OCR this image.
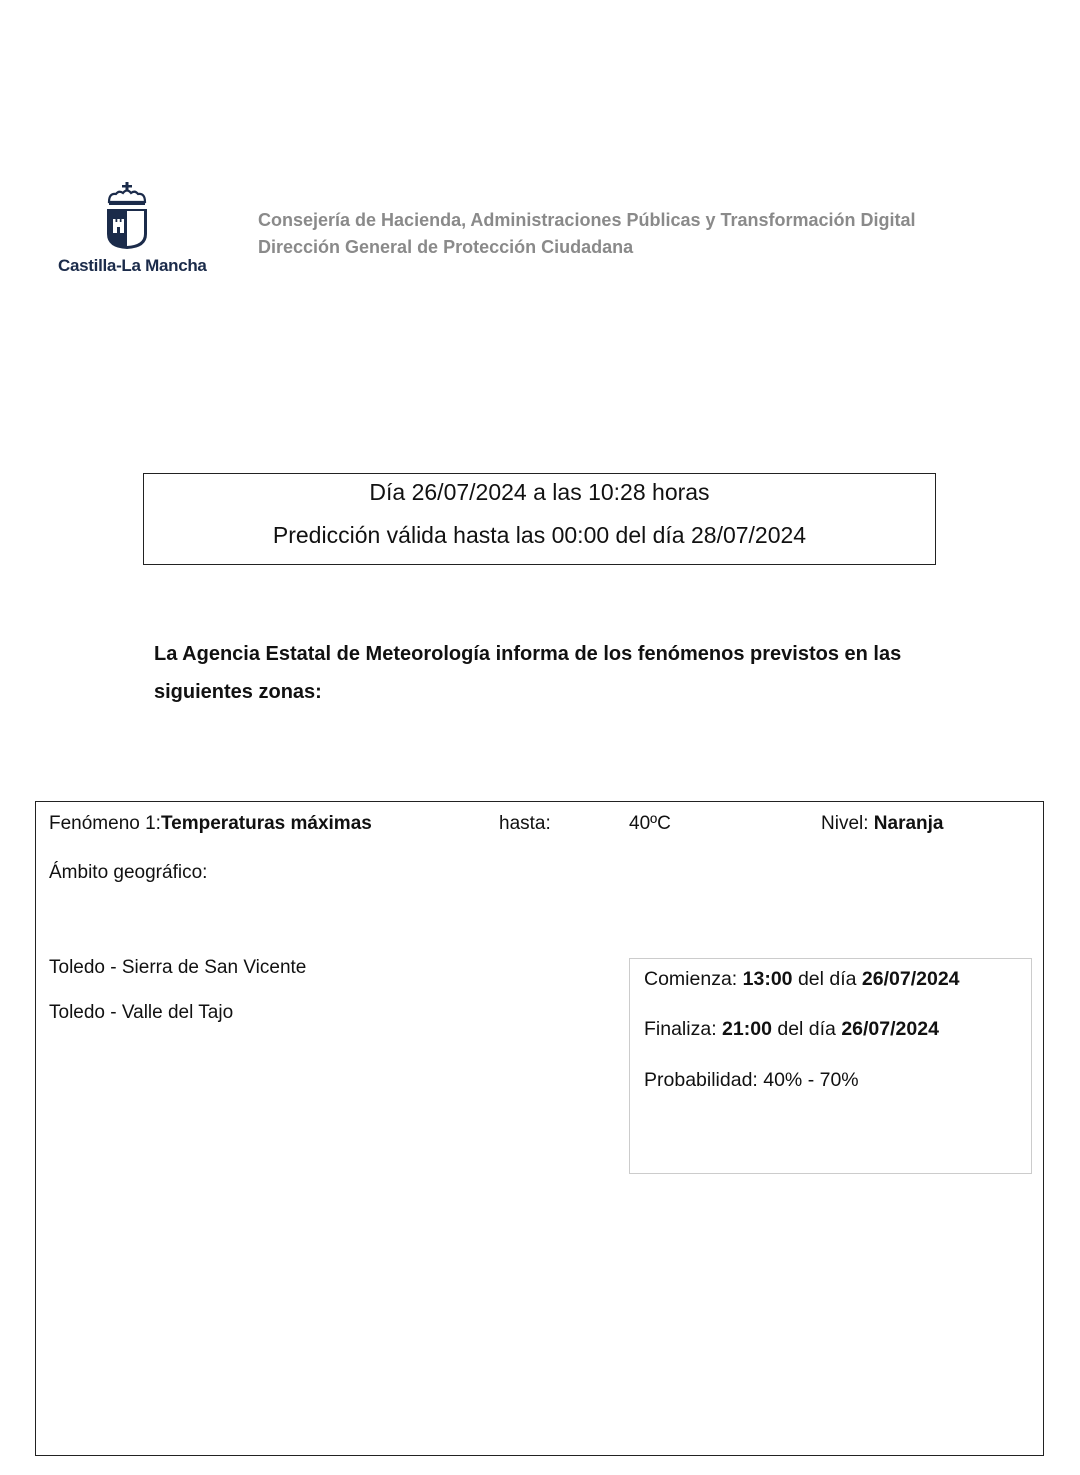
Castilla-La Mancha
Consejería de Hacienda, Administraciones Públicas y Transformación Digital
Dirección General de Protección Ciudadana
Día 26/07/2024 a las 10:28 horas
Predicción válida hasta las 00:00 del día 28/07/2024
La Agencia Estatal de Meteorología informa de los fenómenos previstos en las siguientes zonas:
Fenómeno 1:Temperaturas máximas	hasta:	40ºC	Nivel: Naranja
Ámbito geográfico:
Toledo - Sierra de San Vicente
Toledo - Valle del Tajo
Comienza: 13:00 del día 26/07/2024
Finaliza: 21:00 del día 26/07/2024
Probabilidad: 40% - 70%
